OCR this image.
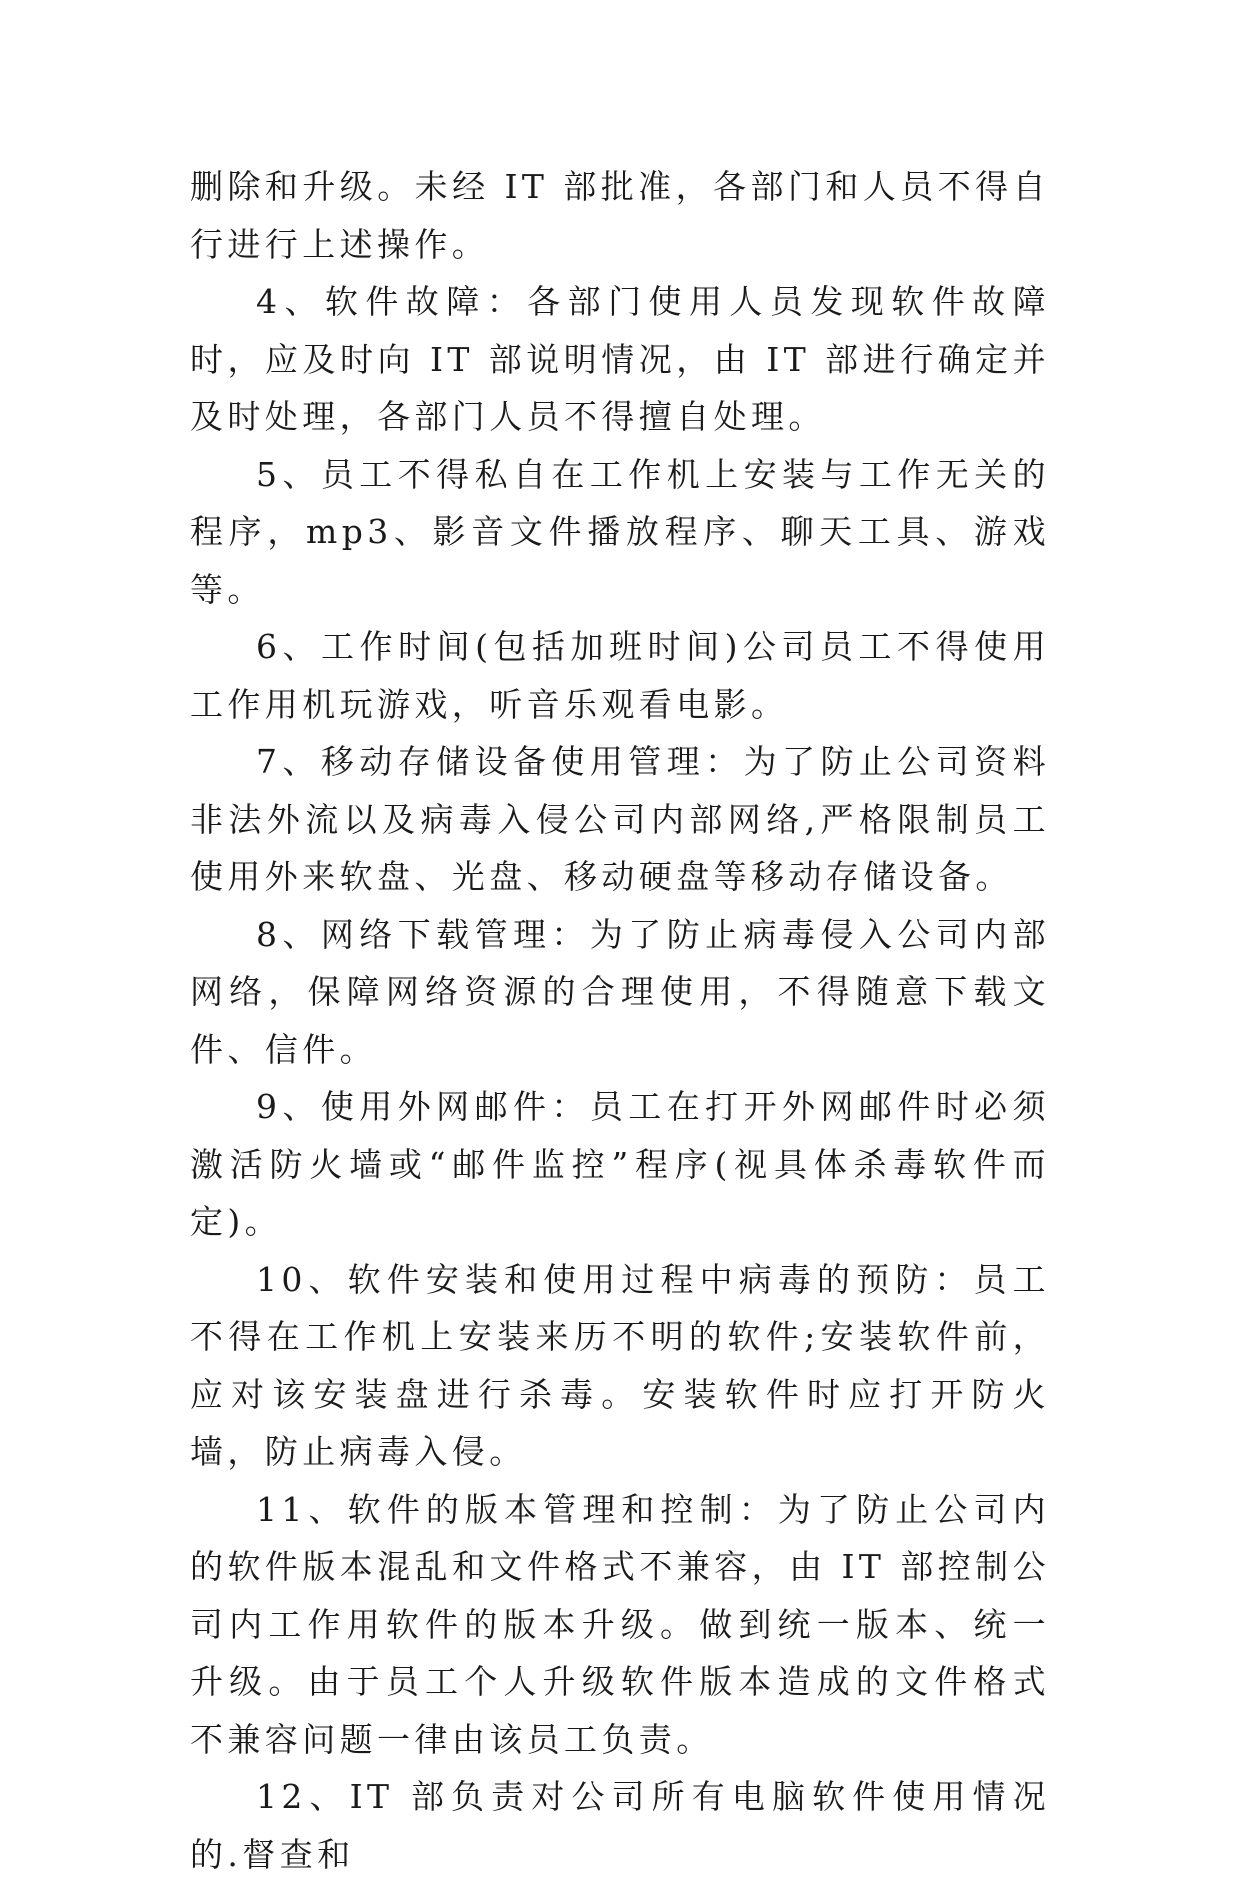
删除和升级。未经 IT 部批准，各部门和人员不得自行进行上述操作。

4、软件故障：各部门使用人员发现软件故障时，应及时向 IT 部说明情况，由 IT 部进行确定并及时处理，各部门人员不得擅自处理。

5、员工不得私自在工作机上安装与工作无关的程序，mp3、影音文件播放程序、聊天工具、游戏等。

6、工作时间(包括加班时间)公司员工不得使用工作用机玩游戏，听音乐观看电影。

7、移动存储设备使用管理：为了防止公司资料非法外流以及病毒入侵公司内部网络,严格限制员工使用外来软盘、光盘、移动硬盘等移动存储设备。

8、网络下载管理：为了防止病毒侵入公司内部网络，保障网络资源的合理使用，不得随意下载文件、信件。

9、使用外网邮件：员工在打开外网邮件时必须激活防火墙或“邮件监控”程序(视具体杀毒软件而定)。

10、软件安装和使用过程中病毒的预防：员工不得在工作机上安装来历不明的软件;安装软件前，应对该安装盘进行杀毒。安装软件时应打开防火墙，防止病毒入侵。

11、软件的版本管理和控制：为了防止公司内的软件版本混乱和文件格式不兼容，由 IT 部控制公司内工作用软件的版本升级。做到统一版本、统一升级。由于员工个人升级软件版本造成的文件格式不兼容问题一律由该员工负责。

12、IT 部负责对公司所有电脑软件使用情况的.督查和
